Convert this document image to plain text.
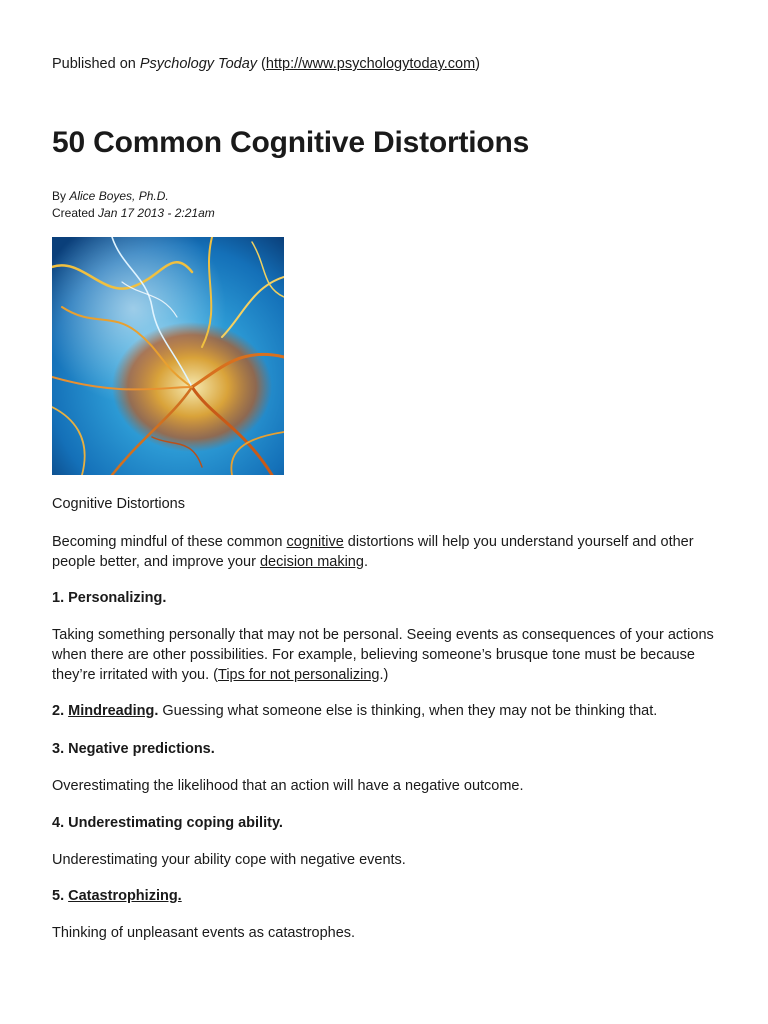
Published on Psychology Today (http://www.psychologytoday.com)
50 Common Cognitive Distortions
By Alice Boyes, Ph.D.
Created Jan 17 2013 - 2:21am
Cognitive Distortions
Becoming mindful of these common cognitive distortions will help you understand yourself and other people better, and improve your decision making.
1. Personalizing.
Taking something personally that may not be personal. Seeing events as consequences of your actions when there are other possibilities. For example, believing someone’s brusque tone must be because they’re irritated with you. (Tips for not personalizing.)
2. Mindreading. Guessing what someone else is thinking, when they may not be thinking that.
3. Negative predictions.
Overestimating the likelihood that an action will have a negative outcome.
4. Underestimating coping ability.
Underestimating your ability cope with negative events.
5. Catastrophizing.
Thinking of unpleasant events as catastrophes.
